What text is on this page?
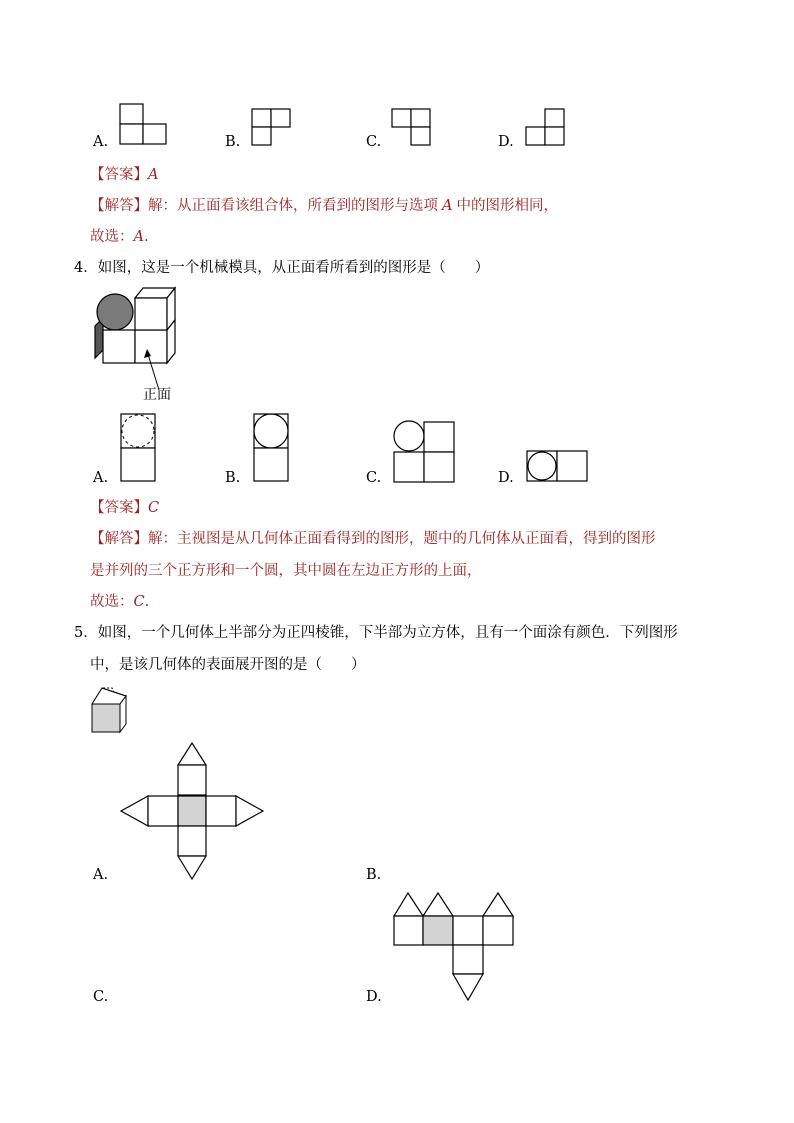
A.	B.	C.	D.
【答案】A
【解答】解：从正面看该组合体，所看到的图形与选项 A 中的图形相同，
故选：A.
4．如图，这是一个机械模具，从正面看所看到的图形是（　　）
正面
A.	B.	C.	D.
【答案】C
【解答】解：主视图是从几何体正面看得到的图形，题中的几何体从正面看，得到的图形
是并列的三个正方形和一个圆，其中圆在左边正方形的上面，
故选：C.
5．如图，一个几何体上半部分为正四棱锥，下半部为立方体，且有一个面涂有颜色．下列图形
中，是该几何体的表面展开图的是（　　）
A.	B.
C.	D.
